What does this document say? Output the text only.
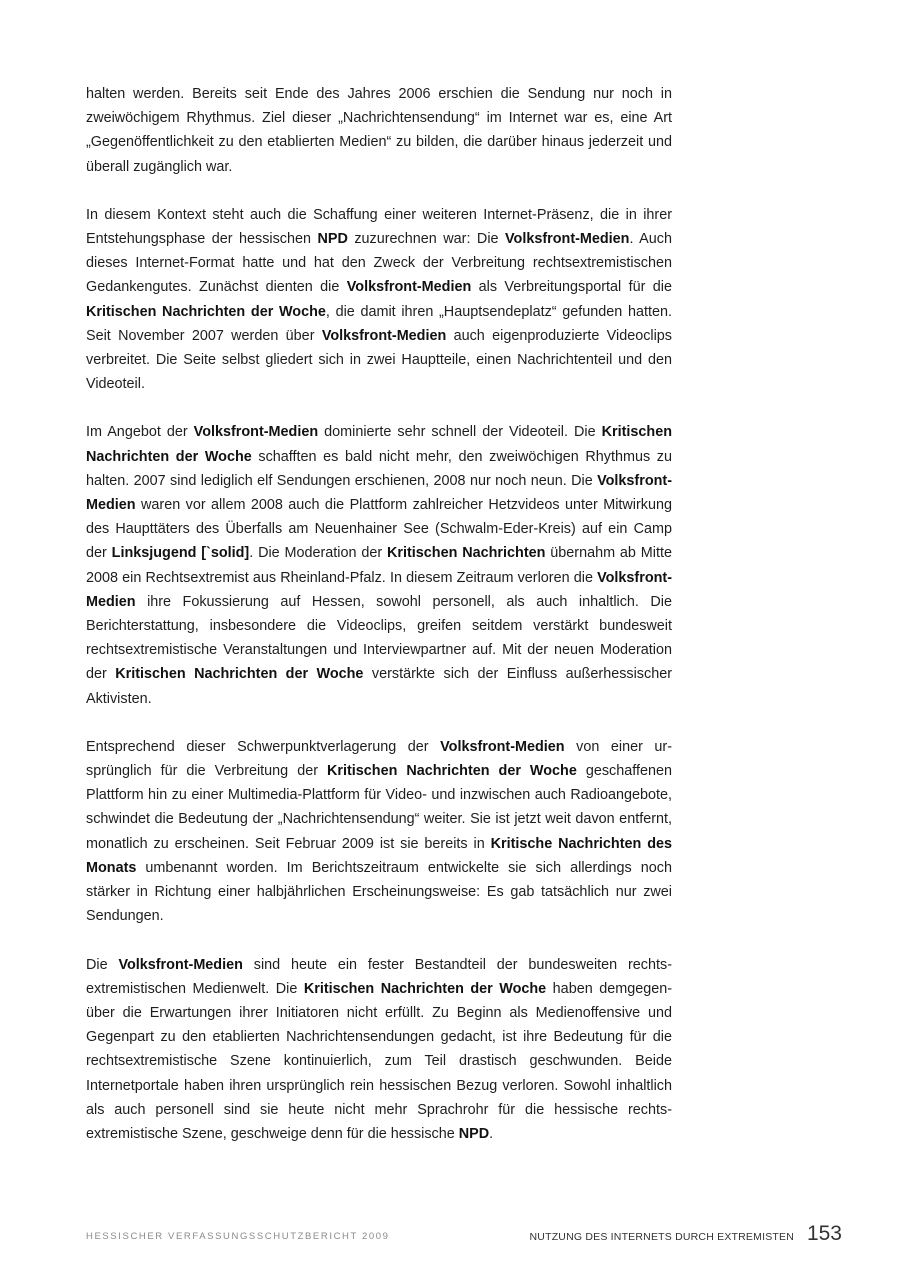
halten werden. Bereits seit Ende des Jahres 2006 erschien die Sendung nur noch in zweiwöchigem Rhythmus. Ziel dieser „Nachrichtensendung“ im Internet war es, eine Art „Gegenöffentlichkeit zu den etablierten Medien“ zu bilden, die darüber hinaus jederzeit und überall zugänglich war.

In diesem Kontext steht auch die Schaffung einer weiteren Internet-Präsenz, die in ihrer Entstehungsphase der hessischen NPD zuzurechnen war: Die Volksfront-Medien. Auch dieses Internet-Format hatte und hat den Zweck der Verbreitung rechtsextremistischen Gedankengutes. Zunächst dienten die Volksfront-Medien als Verbreitungsportal für die Kritischen Nachrichten der Woche, die damit ihren „Hauptsendeplatz“ gefunden hatten. Seit November 2007 werden über Volksfront-Medien auch eigenproduzierte Videoclips verbreitet. Die Seite selbst gliedert sich in zwei Hauptteile, einen Nachrichtenteil und den Videoteil.

Im Angebot der Volksfront-Medien dominierte sehr schnell der Videoteil. Die Kritischen Nachrichten der Woche schafften es bald nicht mehr, den zweiwöchigen Rhythmus zu halten. 2007 sind lediglich elf Sendungen erschienen, 2008 nur noch neun. Die Volksfront-Medien waren vor allem 2008 auch die Plattform zahlreicher Hetzvideos unter Mitwirkung des Haupttäters des Überfalls am Neuenhainer See (Schwalm-Eder-Kreis) auf ein Camp der Linksjugend [`solid]. Die Moderation der Kritischen Nachrichten übernahm ab Mitte 2008 ein Rechtsextremist aus Rheinland-Pfalz. In diesem Zeitraum verloren die Volksfront-Medien ihre Fokussierung auf Hessen, sowohl personell, als auch inhaltlich. Die Berichterstattung, insbesondere die Videoclips, greifen seitdem verstärkt bundesweit rechtsextremistische Veranstaltungen und Interviewpartner auf. Mit der neuen Moderation der Kritischen Nachrichten der Woche verstärkte sich der Einfluss außerhessischer Aktivisten.

Entsprechend dieser Schwerpunktverlagerung der Volksfront-Medien von einer ursprünglich für die Verbreitung der Kritischen Nachrichten der Woche geschaffenen Plattform hin zu einer Multimedia-Plattform für Video- und inzwischen auch Radioangebote, schwindet die Bedeutung der „Nachrichtensendung“ weiter. Sie ist jetzt weit davon entfernt, monatlich zu erscheinen. Seit Februar 2009 ist sie bereits in Kritische Nachrichten des Monats umbenannt worden. Im Berichtszeitraum entwickelte sie sich allerdings noch stärker in Richtung einer halbjährlichen Erscheinungsweise: Es gab tatsächlich nur zwei Sendungen.

Die Volksfront-Medien sind heute ein fester Bestandteil der bundesweiten rechtsextremistischen Medienwelt. Die Kritischen Nachrichten der Woche haben demgegenüber die Erwartungen ihrer Initiatoren nicht erfüllt. Zu Beginn als Medienoffensive und Gegenpart zu den etablierten Nachrichtensendungen gedacht, ist ihre Bedeutung für die rechtsextremistische Szene kontinuierlich, zum Teil drastisch geschwunden. Beide Internetportale haben ihren ursprünglich rein hessischen Bezug verloren. Sowohl inhaltlich als auch personell sind sie heute nicht mehr Sprachrohr für die hessische rechtsextremistische Szene, geschweige denn für die hessische NPD.

HESSISCHER VERFASSUNGSSCHUTZBERICHT 2009	NUTZUNG DES INTERNETS DURCH EXTREMISTEN 153
